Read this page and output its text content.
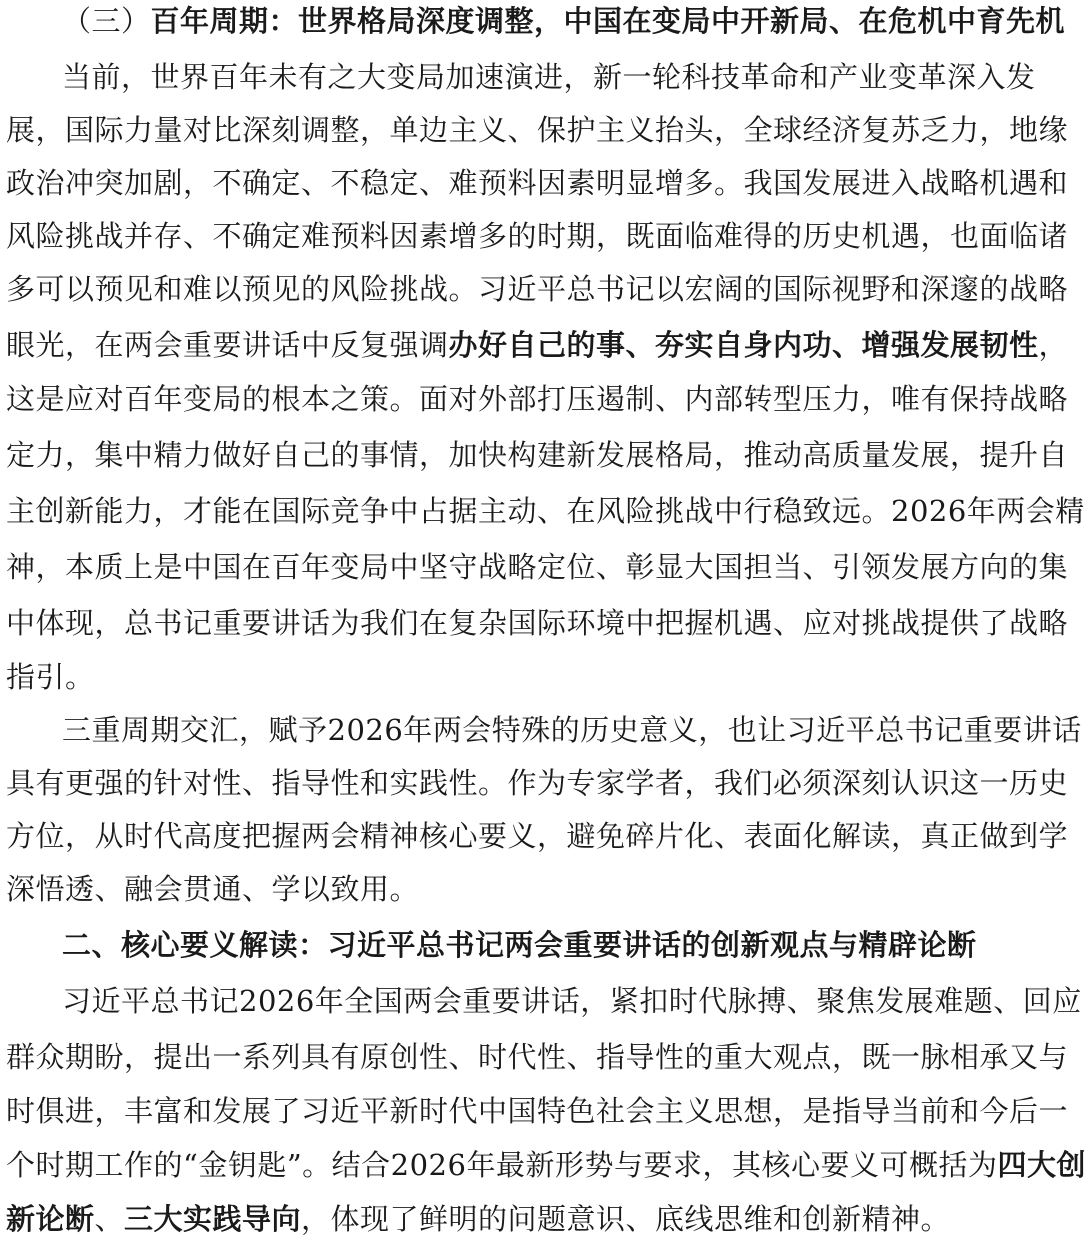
（三）百年周期：世界格局深度调整，中国在变局中开新局、在危机中育先机
当前，世界百年未有之大变局加速演进，新一轮科技革命和产业变革深入发
展，国际力量对比深刻调整，单边主义、保护主义抬头，全球经济复苏乏力，地缘
政治冲突加剧，不确定、不稳定、难预料因素明显增多。我国发展进入战略机遇和
风险挑战并存、不确定难预料因素增多的时期，既面临难得的历史机遇，也面临诸
多可以预见和难以预见的风险挑战。习近平总书记以宏阔的国际视野和深邃的战略
眼光，在两会重要讲话中反复强调办好自己的事、夯实自身内功、增强发展韧性，
这是应对百年变局的根本之策。面对外部打压遏制、内部转型压力，唯有保持战略
定力，集中精力做好自己的事情，加快构建新发展格局，推动高质量发展，提升自
主创新能力，才能在国际竞争中占据主动、在风险挑战中行稳致远。2026年两会精
神，本质上是中国在百年变局中坚守战略定位、彰显大国担当、引领发展方向的集
中体现，总书记重要讲话为我们在复杂国际环境中把握机遇、应对挑战提供了战略
指引。
三重周期交汇，赋予2026年两会特殊的历史意义，也让习近平总书记重要讲话
具有更强的针对性、指导性和实践性。作为专家学者，我们必须深刻认识这一历史
方位，从时代高度把握两会精神核心要义，避免碎片化、表面化解读，真正做到学
深悟透、融会贯通、学以致用。
二、核心要义解读：习近平总书记两会重要讲话的创新观点与精辟论断
习近平总书记2026年全国两会重要讲话，紧扣时代脉搏、聚焦发展难题、回应
群众期盼，提出一系列具有原创性、时代性、指导性的重大观点，既一脉相承又与
时俱进，丰富和发展了习近平新时代中国特色社会主义思想，是指导当前和今后一
个时期工作的“金钥匙”。结合2026年最新形势与要求，其核心要义可概括为四大创
新论断、三大实践导向，体现了鲜明的问题意识、底线思维和创新精神。
